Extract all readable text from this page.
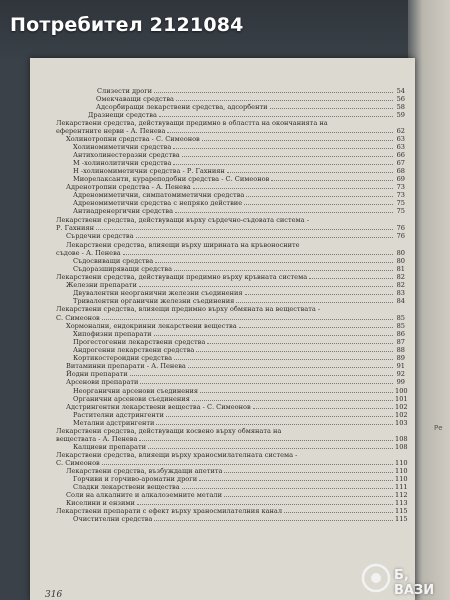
Потребител 2121084
Ре
Слизести дроги	54
Омекчаващи средства	56
Адсорбиращи лекарствени средства, адсорбенти	58
Дразнещи средства	59
Лекарствени средства, действуващи предимно в областта на окончанията на
еферентните нерви - А. Пенева	62
Холинотропни средства - С. Симеонов	63
Холиномиметични средства	63
Антихолинестеразни средства	66
М -холинолитични средства	67
Н -холиномиметични средства - Р. Гахниян	68
Миорелаксанти, курареподобни средства - С. Симеонов	69
Адренотропни средства - А. Пенева	73
Адреномиметични, симпатомиметични средства	73
Адреномиметични средства с непряко действие	75
Антиадренергични средства	75
Лекарствени средства, действуващи върху сърдечно-съдовата система -
Р. Гахниян	76
Сърдечни средства	76
Лекарствени средства, влияещи върху ширината на кръвоносните
съдове - А. Пенева	80
Съдосвиващи средства	80
Съдоразширяващи средства	81
Лекарствени средства, действуващи предимно върху кръвната система	82
Железни препарати	82
Двувалентни неорганични железни съединения	83
Тривалентни органични железни съединения	84
Лекарствени средства, влияещи предимно върху обмяната на веществата -
С. Симеонов	85
Хормонални, ендокринни лекарствени вещества	85
Хипофизни препарати	86
Прогестогенни лекарствени средства	87
Андрогенни лекарствени средства	88
Кортикостероидни средства	89
Витаминни препарати - А. Пенева	91
Йодни препарати	92
Арсенови препарати	99
Неорганични арсенови съединения	100
Органични арсенови съединения	101
Адстрингентни лекарствени вещества - С. Симеонов	102
Растителни адстрингенти	102
Метални адстрингенти	103
Лекарствени средства, действуващи косвено върху обмяната на
веществата - А. Пенева	108
Калциеви препарати	108
Лекарствени средства, влияещи върху храносмилателната система -
С. Симеонов	110
Лекарствени средства, възбуждащи апетита	110
Горчиви и горчиво-ароматни дроги	110
Сладки лекарствени вещества	111
Соли на алкалните и алкалоземните метали	112
Киселини и ензими	113
Лекарствени препарати с ефект върху храносмилателния канал	115
Очистителни средства	115
316
Б, ВАЗИ
